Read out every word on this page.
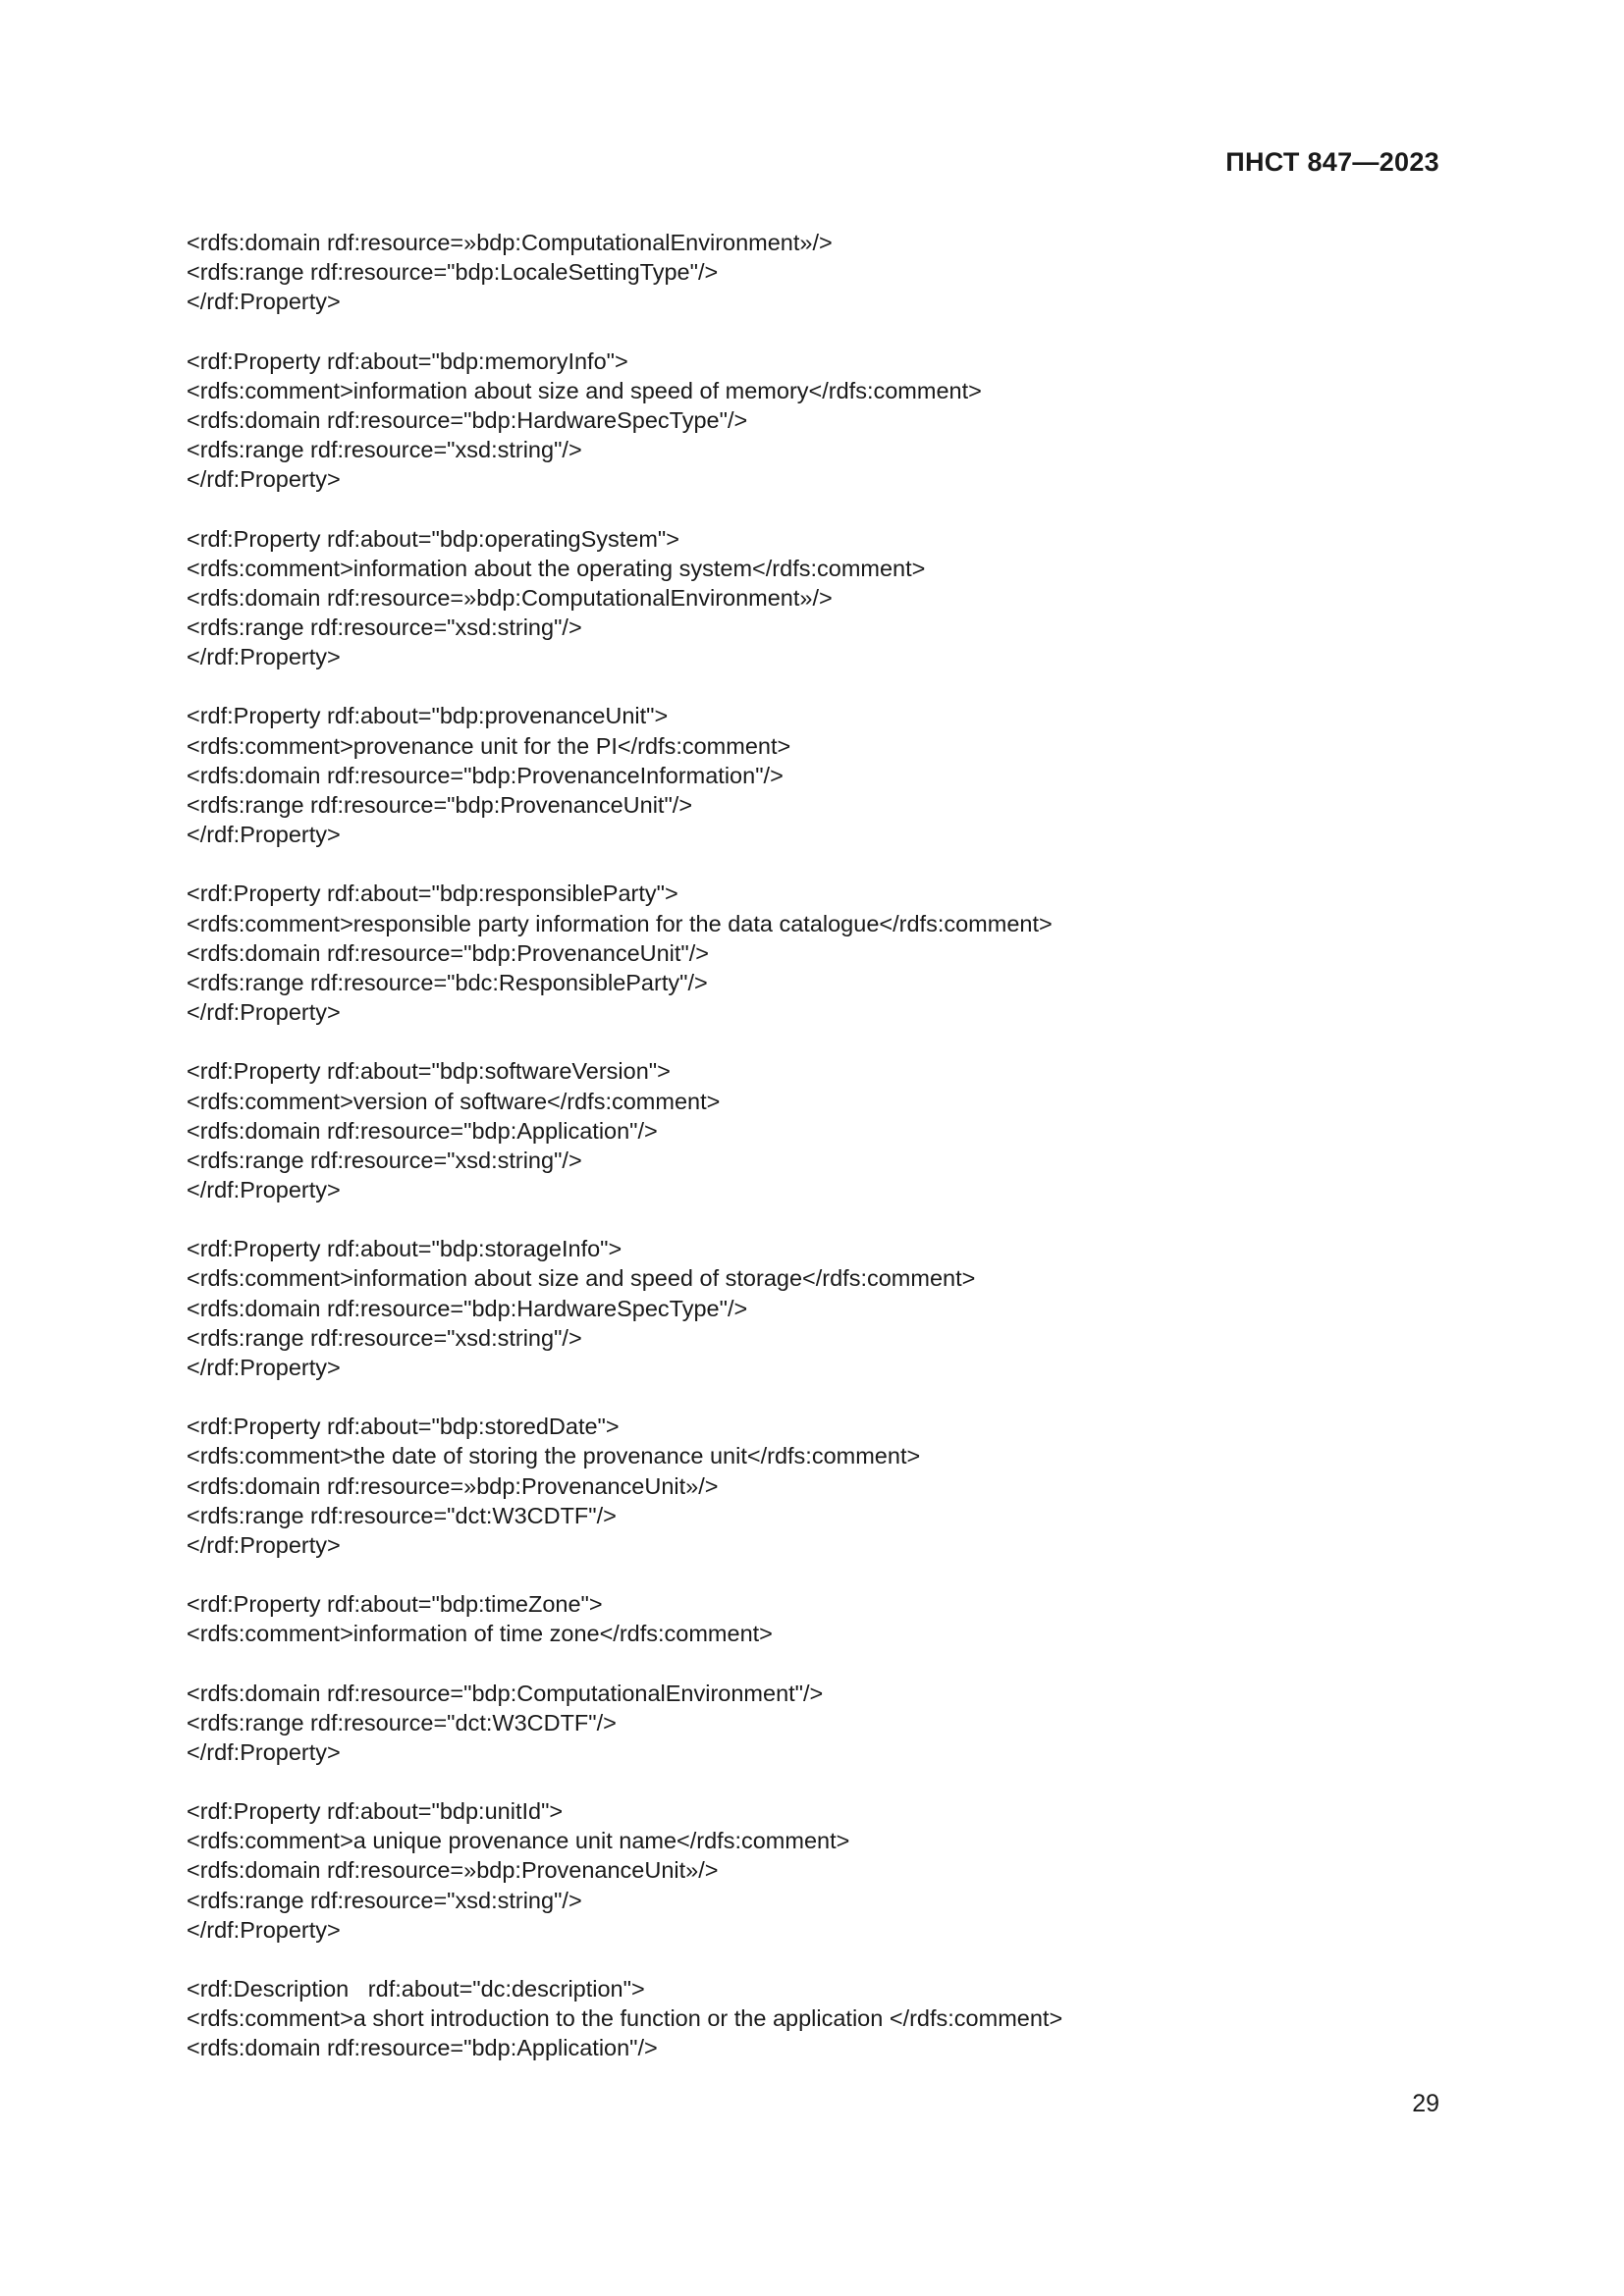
ПНСТ 847—2023
<rdfs:domain rdf:resource=»bdp:ComputationalEnvironment»/>
<rdfs:range rdf:resource="bdp:LocaleSettingType"/>
</rdf:Property>
<rdf:Property rdf:about="bdp:memoryInfo">
<rdfs:comment>information about size and speed of memory</rdfs:comment>
<rdfs:domain rdf:resource="bdp:HardwareSpecType"/>
<rdfs:range rdf:resource="xsd:string"/>
</rdf:Property>
<rdf:Property rdf:about="bdp:operatingSystem">
<rdfs:comment>information about the operating system</rdfs:comment>
<rdfs:domain rdf:resource=»bdp:ComputationalEnvironment»/>
<rdfs:range rdf:resource="xsd:string"/>
</rdf:Property>
<rdf:Property rdf:about="bdp:provenanceUnit">
<rdfs:comment>provenance unit for the PI</rdfs:comment>
<rdfs:domain rdf:resource="bdp:ProvenanceInformation"/>
<rdfs:range rdf:resource="bdp:ProvenanceUnit"/>
</rdf:Property>
<rdf:Property rdf:about="bdp:responsibleParty">
<rdfs:comment>responsible party information for the data catalogue</rdfs:comment>
<rdfs:domain rdf:resource="bdp:ProvenanceUnit"/>
<rdfs:range rdf:resource="bdc:ResponsibleParty"/>
</rdf:Property>
<rdf:Property rdf:about="bdp:softwareVersion">
<rdfs:comment>version of software</rdfs:comment>
<rdfs:domain rdf:resource="bdp:Application"/>
<rdfs:range rdf:resource="xsd:string"/>
</rdf:Property>
<rdf:Property rdf:about="bdp:storageInfo">
<rdfs:comment>information about size and speed of storage</rdfs:comment>
<rdfs:domain rdf:resource="bdp:HardwareSpecType"/>
<rdfs:range rdf:resource="xsd:string"/>
</rdf:Property>
<rdf:Property rdf:about="bdp:storedDate">
<rdfs:comment>the date of storing the provenance unit</rdfs:comment>
<rdfs:domain rdf:resource=»bdp:ProvenanceUnit»/>
<rdfs:range rdf:resource="dct:W3CDTF"/>
</rdf:Property>
<rdf:Property rdf:about="bdp:timeZone">
<rdfs:comment>information of time zone</rdfs:comment>
<rdfs:domain rdf:resource="bdp:ComputationalEnvironment"/>
<rdfs:range rdf:resource="dct:W3CDTF"/>
</rdf:Property>
<rdf:Property rdf:about="bdp:unitId">
<rdfs:comment>a unique provenance unit name</rdfs:comment>
<rdfs:domain rdf:resource=»bdp:ProvenanceUnit»/>
<rdfs:range rdf:resource="xsd:string"/>
</rdf:Property>
<rdf:Description   rdf:about="dc:description">
<rdfs:comment>a short introduction to the function or the application </rdfs:comment>
<rdfs:domain rdf:resource="bdp:Application"/>
29
